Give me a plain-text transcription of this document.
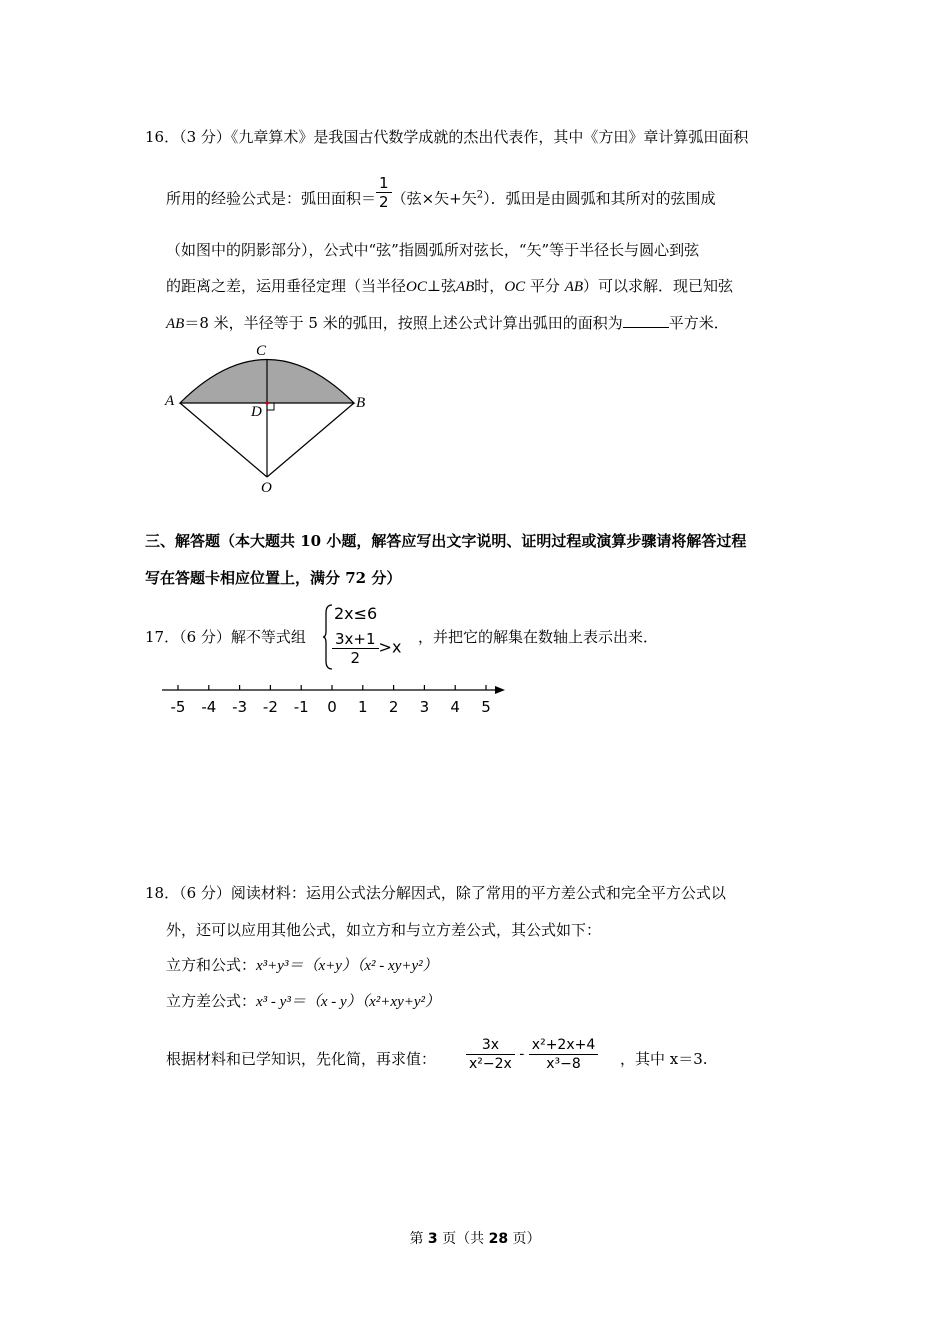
16．（3 分）《九章算术》是我国古代数学成就的杰出代表作，其中《方田》章计算弧田面积
所用的经验公式是：弧田面积＝ $\frac{1}{2}$ （弦×矢+矢$^2$）．弧田是由圆弧和其所对的弦围成
（如图中的阴影部分），公式中“弦”指圆弧所对弦长，“矢”等于半径长与圆心到弦
的距离之差，运用垂径定理（当半径OC⊥弦AB时，OC 平分 AB）可以求解．现已知弦
AB＝8 米，半径等于 5 米的弧田，按照上述公式计算出弧田的面积为	平方米．
C
A	B
D
O
三、解答题（本大题共 10 小题，解答应写出文字说明、证明过程或演算步骤请将解答过程
写在答题卡相应位置上，满分 72 分）
17．（6 分）解不等式组
2x≤6
$\frac{3x+1}{2} >x$
，并把它的解集在数轴上表示出来．
-5 -4 -3 -2 -1 0 1 2 3 4 5
18．（6 分）阅读材料：运用公式法分解因式，除了常用的平方差公式和完全平方公式以
外，还可以应用其他公式，如立方和与立方差公式，其公式如下：
立方和公式：x³+y³＝（x+y）（x² - xy+y²）
立方差公式：x³ - y³＝（x - y）（x²+xy+y²）
根据材料和已学知识，先化简，再求值： $\frac{3x}{\text{x²−2x}} - \frac{\text{x²+2x+4}}{\text{x³−8}}$ ，其中 x＝3.
第 3 页（共 28 页）
